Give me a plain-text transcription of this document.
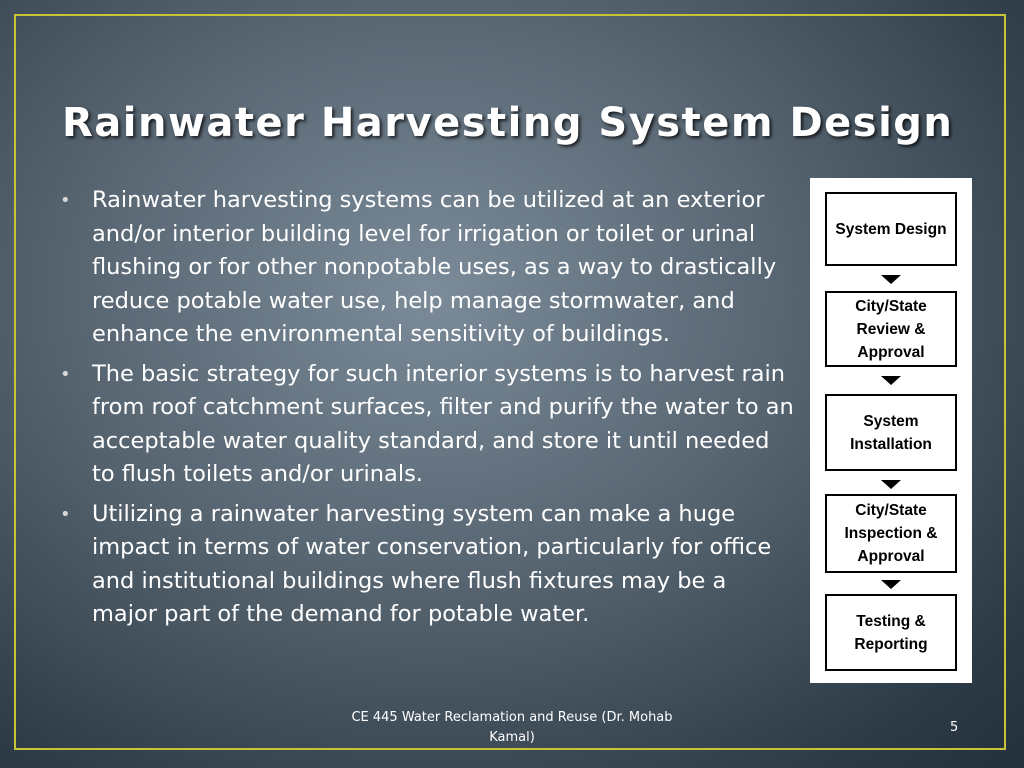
Rainwater Harvesting System Design
• Rainwater harvesting systems can be utilized at an exterior and/or interior building level for irrigation or toilet or urinal flushing or for other nonpotable uses, as a way to drastically reduce potable water use, help manage stormwater, and enhance the environmental sensitivity of buildings.
• The basic strategy for such interior systems is to harvest rain from roof catchment surfaces, filter and purify the water to an acceptable water quality standard, and store it until needed to flush toilets and/or urinals.
• Utilizing a rainwater harvesting system can make a huge impact in terms of water conservation, particularly for office and institutional buildings where flush fixtures may be a major part of the demand for potable water.
System Design
City/State Review & Approval
System Installation
City/State Inspection & Approval
Testing & Reporting
CE 445 Water Reclamation and Reuse (Dr. Mohab Kamal)
5
